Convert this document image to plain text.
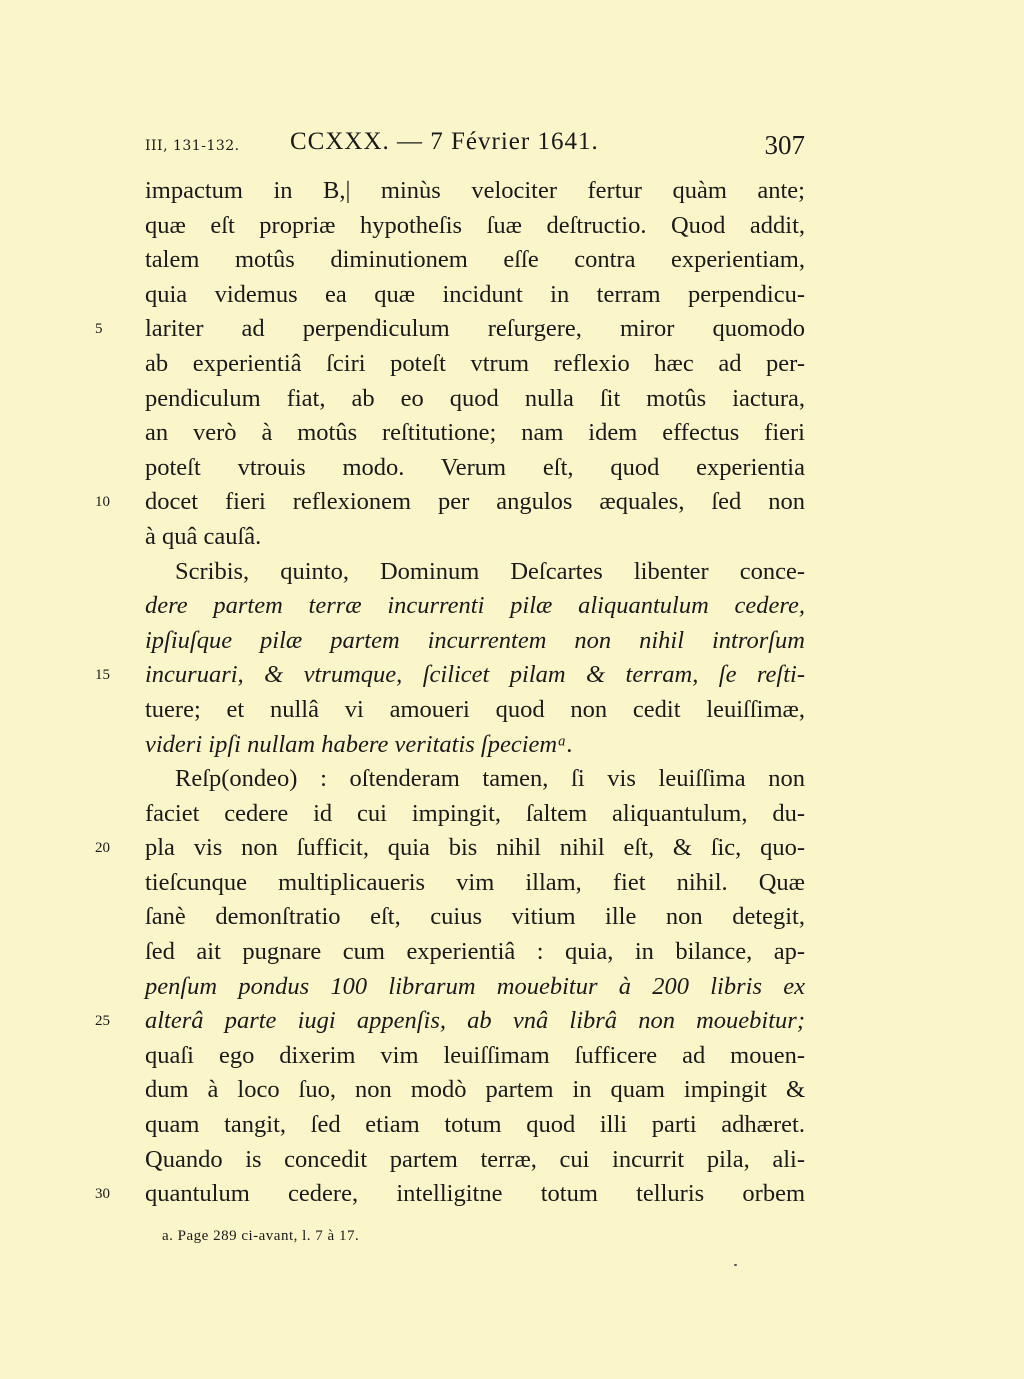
III, 131-132. CCXXX. — 7 Février 1641.	307
impactum in B,| minùs velociter fertur quàm ante;
quæ eſt propriæ hypotheſis ſuæ deſtructio. Quod addit,
talem motûs diminutionem eſſe contra experientiam,
quia videmus ea quæ incidunt in terram perpendicu-
5	lariter ad perpendiculum reſurgere, miror quomodo
ab experientiâ ſciri poteſt vtrum reflexio hæc ad per-
pendiculum fiat, ab eo quod nulla ſit motûs iactura,
an verò à motûs reſtitutione; nam idem effectus fieri
poteſt vtrouis modo. Verum eſt, quod experientia
10	docet fieri reflexionem per angulos æquales, ſed non
à quâ cauſâ.
Scribis, quinto, Dominum Deſcartes libenter conce-
dere partem terræ incurrenti pilæ aliquantulum cedere,
ipſiuſque pilæ partem incurrentem non nihil introrſum
15	incuruari, & vtrumque, ſcilicet pilam & terram, ſe reſti-
tuere; et nullâ vi amoueri quod non cedit leuiſſimæ,
videri ipſi nullam habere veritatis ſpeciemᵃ.
Reſp(ondeo) : oſtenderam tamen, ſi vis leuiſſima non
faciet cedere id cui impingit, ſaltem aliquantulum, du-
20	pla vis non ſufficit, quia bis nihil nihil eſt, & ſic, quo-
tieſcunque multiplicaueris vim illam, fiet nihil. Quæ
ſanè demonſtratio eſt, cuius vitium ille non detegit,
ſed ait pugnare cum experientiâ : quia, in bilance, ap-
penſum pondus 100 librarum mouebitur à 200 libris ex
25	alterâ parte iugi appenſis, ab vnâ librâ non mouebitur;
quaſi ego dixerim vim leuiſſimam ſufficere ad mouen-
dum à loco ſuo, non modò partem in quam impingit &
quam tangit, ſed etiam totum quod illi parti adhæret.
Quando is concedit partem terræ, cui incurrit pila, ali-
30	quantulum cedere, intelligitne totum telluris orbem
a. Page 289 ci-avant, l. 7 à 17.
